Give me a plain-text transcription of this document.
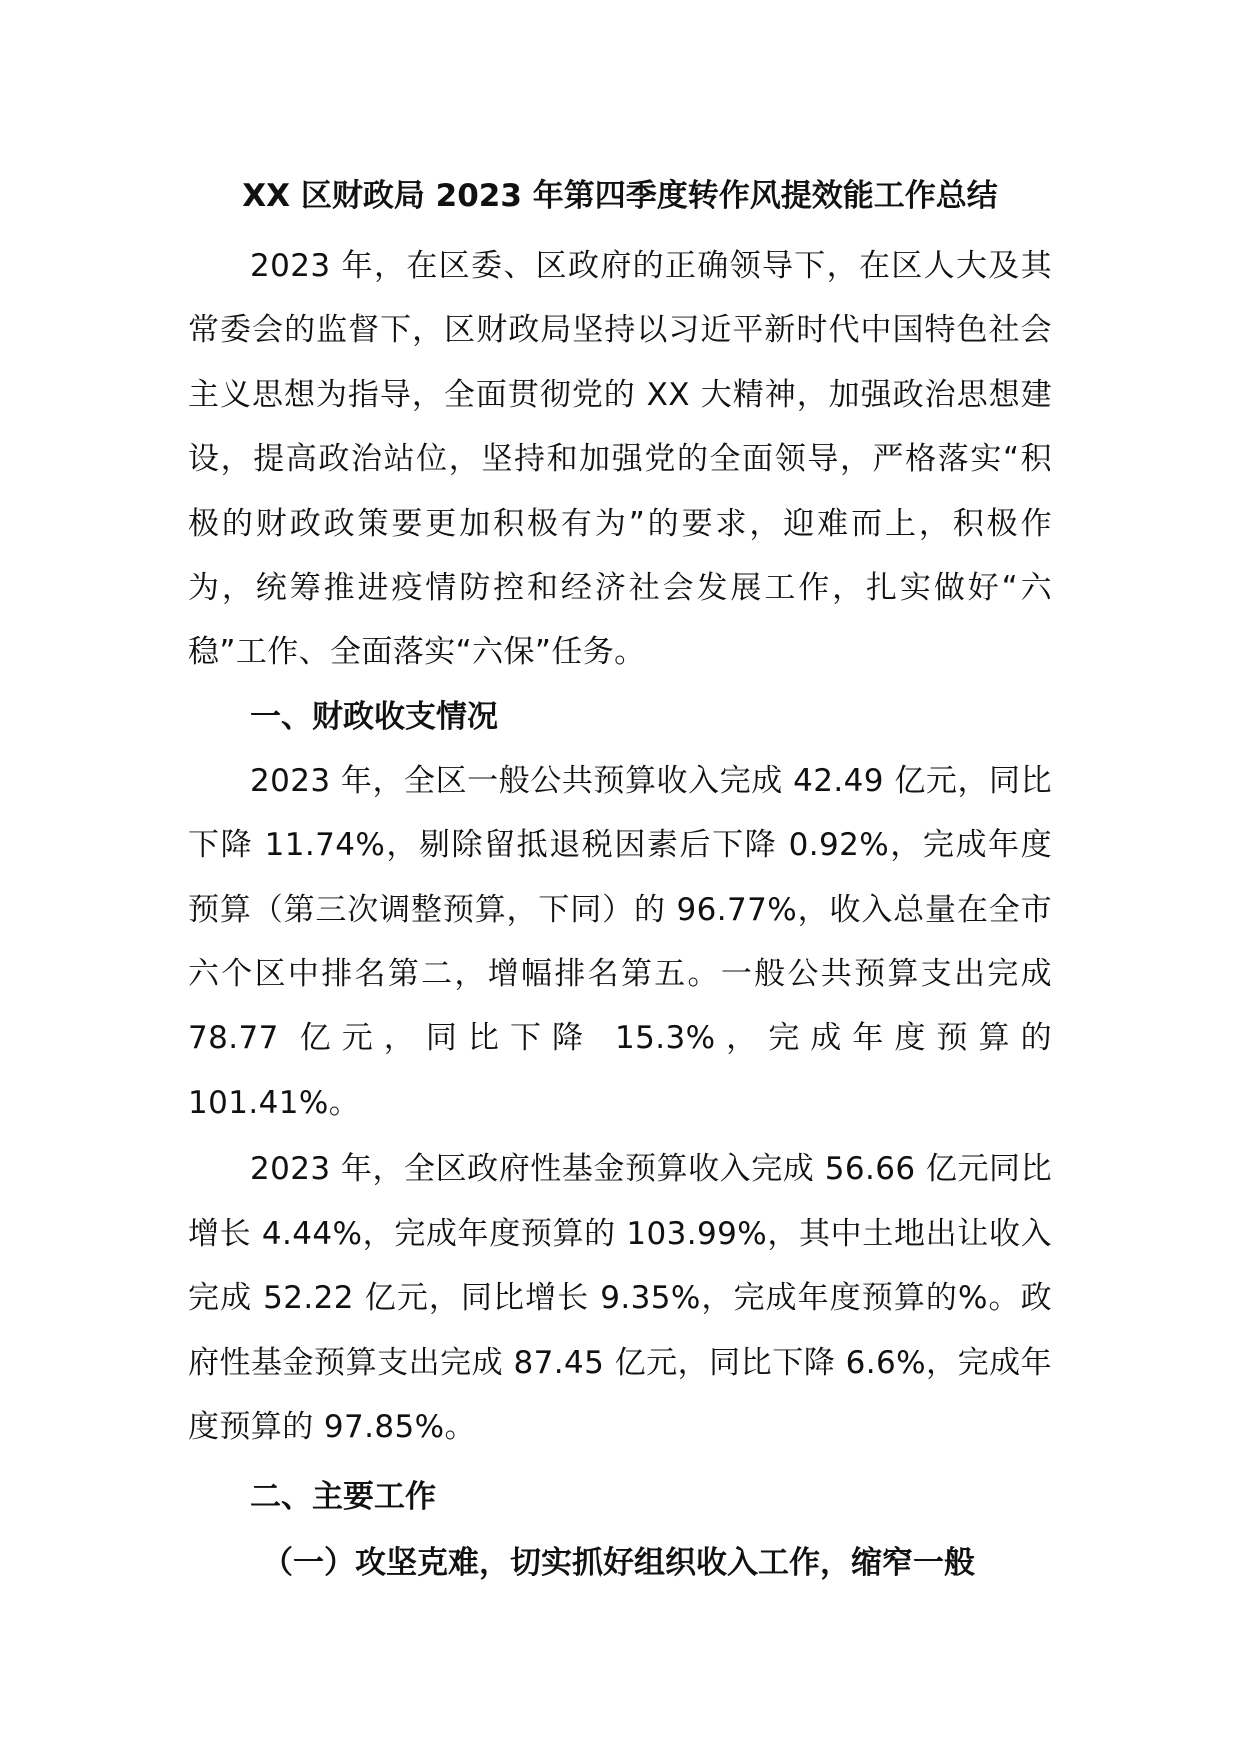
XX 区财政局 2023 年第四季度转作风提效能工作总结

2023 年，在区委、区政府的正确领导下，在区人大及其常委会的监督下，区财政局坚持以习近平新时代中国特色社会主义思想为指导，全面贯彻党的 XX 大精神，加强政治思想建设，提高政治站位，坚持和加强党的全面领导，严格落实“积极的财政政策要更加积极有为”的要求，迎难而上，积极作为，统筹推进疫情防控和经济社会发展工作，扎实做好“六稳”工作、全面落实“六保”任务。

一、财政收支情况

2023 年，全区一般公共预算收入完成 42.49 亿元，同比下降 11.74%，剔除留抵退税因素后下降 0.92%，完成年度预算（第三次调整预算，下同）的 96.77%，收入总量在全市六个区中排名第二，增幅排名第五。一般公共预算支出完成 78.77 亿元，同比下降 15.3%，完成年度预算的 101.41%。

2023 年，全区政府性基金预算收入完成 56.66 亿元同比增长 4.44%，完成年度预算的 103.99%，其中土地出让收入完成 52.22 亿元，同比增长 9.35%，完成年度预算的%。政府性基金预算支出完成 87.45 亿元，同比下降 6.6%，完成年度预算的 97.85%。

二、主要工作
（一）攻坚克难，切实抓好组织收入工作，缩窄一般
